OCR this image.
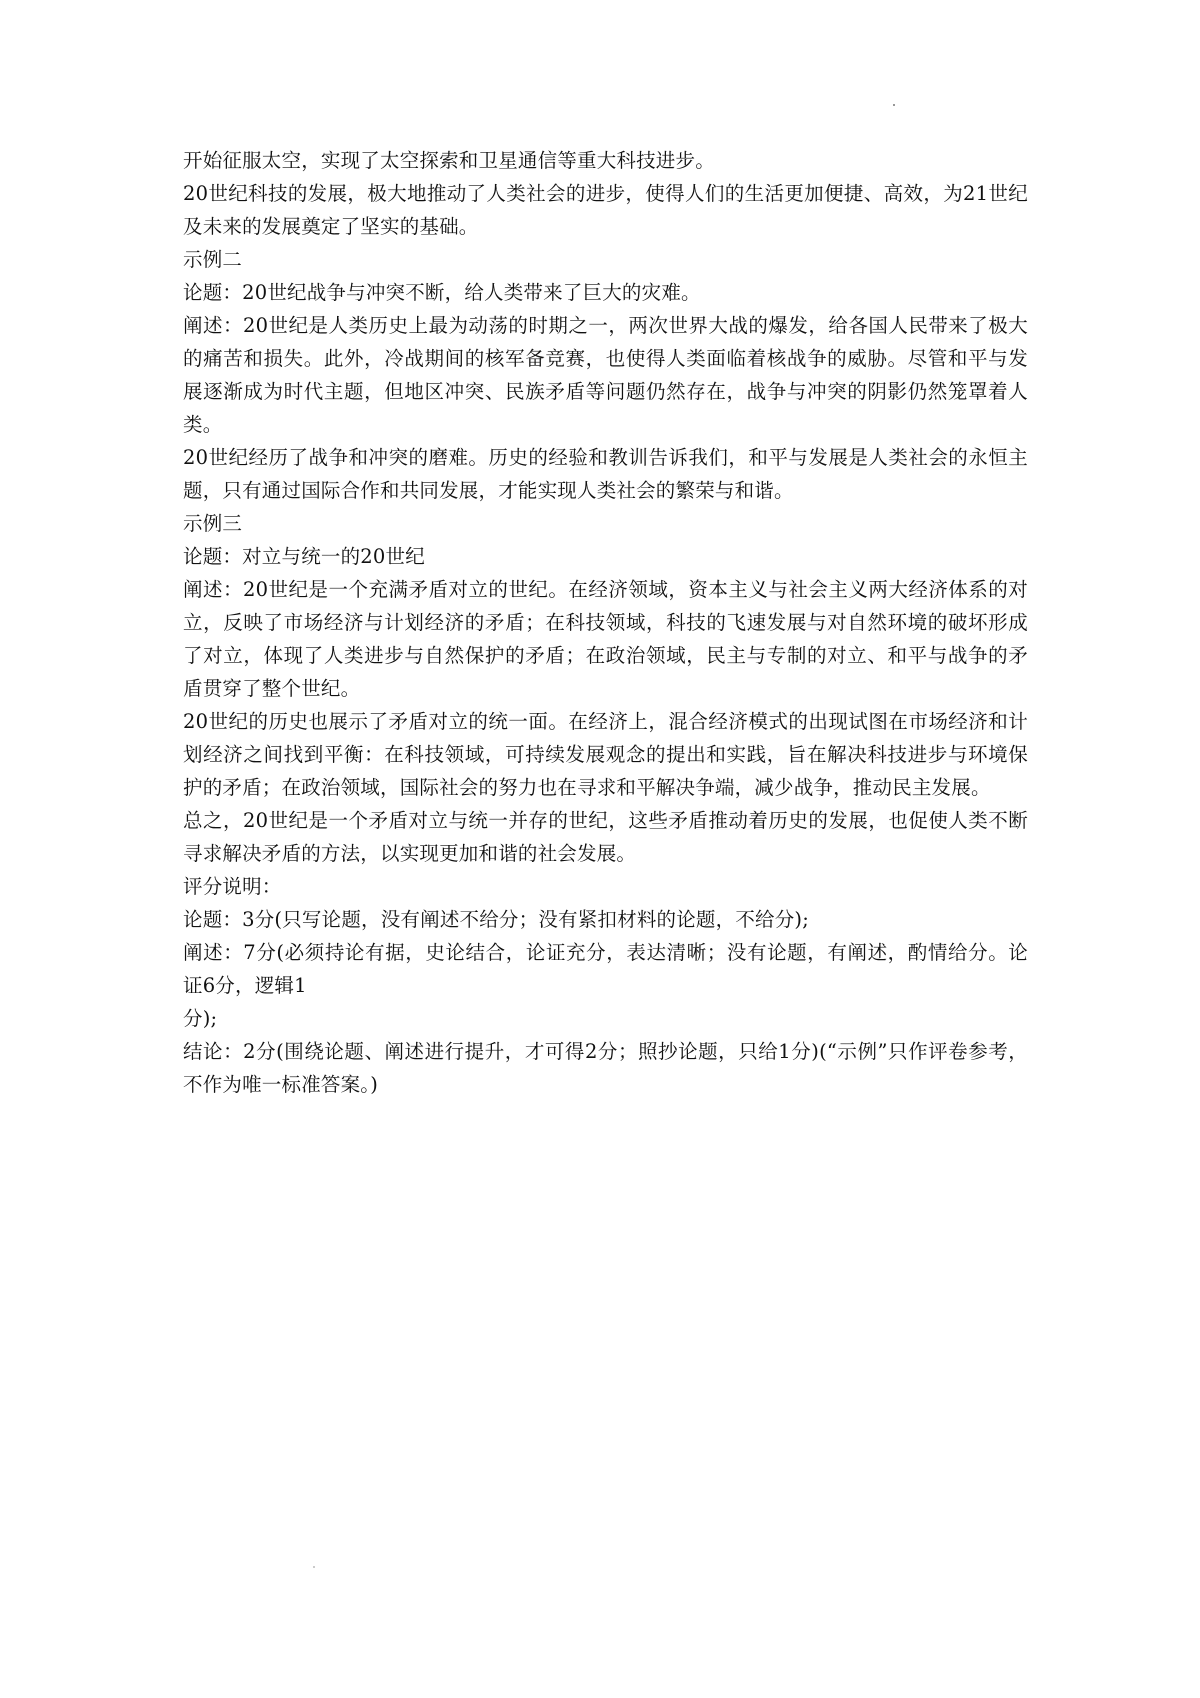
开始征服太空，实现了太空探索和卫星通信等重大科技进步。

20世纪科技的发展，极大地推动了人类社会的进步，使得人们的生活更加便捷、高效，为21世纪及未来的发展奠定了坚实的基础。

示例二

论题：20世纪战争与冲突不断，给人类带来了巨大的灾难。

阐述：20世纪是人类历史上最为动荡的时期之一，两次世界大战的爆发，给各国人民带来了极大的痛苦和损失。此外，冷战期间的核军备竞赛，也使得人类面临着核战争的威胁。尽管和平与发展逐渐成为时代主题，但地区冲突、民族矛盾等问题仍然存在，战争与冲突的阴影仍然笼罩着人类。

20世纪经历了战争和冲突的磨难。历史的经验和教训告诉我们，和平与发展是人类社会的永恒主题，只有通过国际合作和共同发展，才能实现人类社会的繁荣与和谐。

示例三

论题：对立与统一的20世纪

阐述：20世纪是一个充满矛盾对立的世纪。在经济领域，资本主义与社会主义两大经济体系的对立，反映了市场经济与计划经济的矛盾；在科技领域，科技的飞速发展与对自然环境的破坏形成了对立，体现了人类进步与自然保护的矛盾；在政治领域，民主与专制的对立、和平与战争的矛盾贯穿了整个世纪。

20世纪的历史也展示了矛盾对立的统一面。在经济上，混合经济模式的出现试图在市场经济和计划经济之间找到平衡：在科技领域，可持续发展观念的提出和实践，旨在解决科技进步与环境保护的矛盾；在政治领域，国际社会的努力也在寻求和平解决争端，减少战争，推动民主发展。

总之，20世纪是一个矛盾对立与统一并存的世纪，这些矛盾推动着历史的发展，也促使人类不断寻求解决矛盾的方法，以实现更加和谐的社会发展。

评分说明：

论题：3分(只写论题，没有阐述不给分；没有紧扣材料的论题，不给分);

阐述：7分(必须持论有据，史论结合，论证充分，表达清晰；没有论题，有阐述，酌情给分。论证6分，逻辑1

分);

结论：2分(围绕论题、阐述进行提升，才可得2分；照抄论题，只给1分)(“示例”只作评卷参考，不作为唯一标准答案。)
